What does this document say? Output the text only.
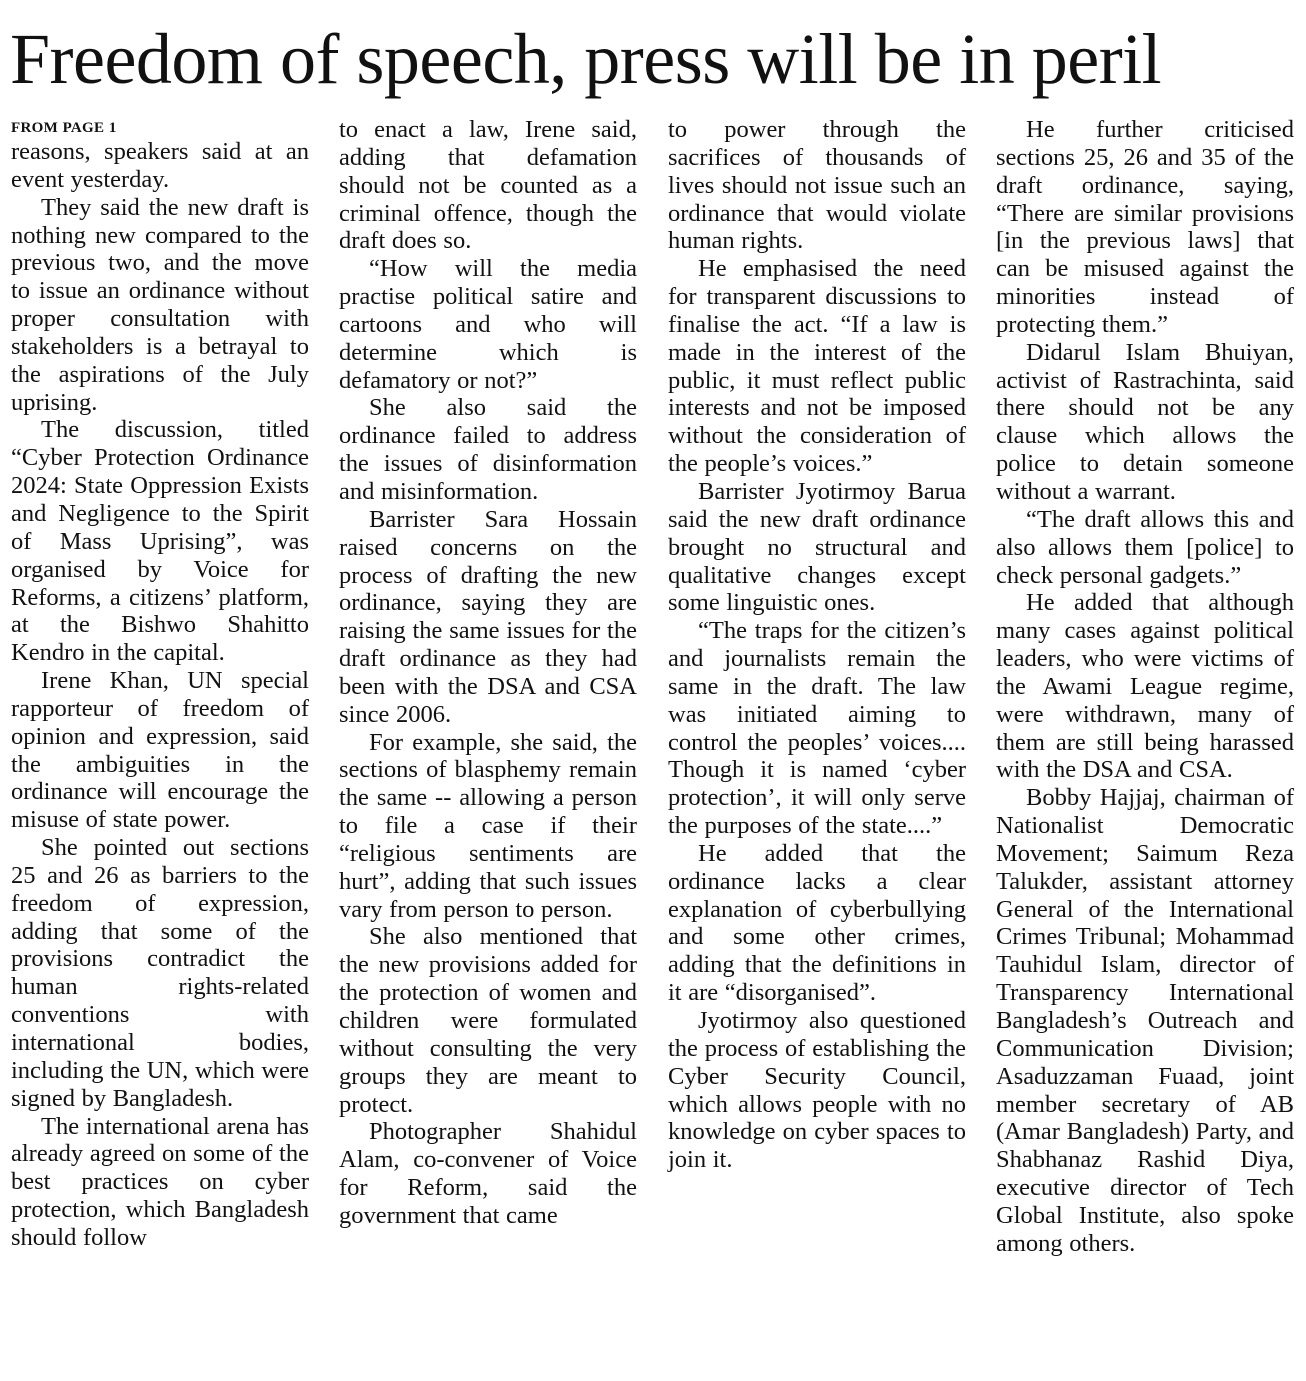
Freedom of speech, press will be in peril
FROM PAGE 1

reasons, speakers said at an event yesterday.

They said the new draft is nothing new compared to the previous two, and the move to issue an ordinance without proper consultation with stakeholders is a betrayal to the aspirations of the July uprising.

The discussion, titled “Cyber Protection Ordinance 2024: State Oppression Exists and Negligence to the Spirit of Mass Uprising”, was organised by Voice for Reforms, a citizens’ platform, at the Bishwo Shahitto Kendro in the capital.

Irene Khan, UN special rapporteur of freedom of opinion and expression, said the ambiguities in the ordinance will encourage the misuse of state power.

She pointed out sections 25 and 26 as barriers to the freedom of expression, adding that some of the provisions contradict the human rights-related conventions with international bodies, including the UN, which were signed by Bangladesh.

The international arena has already agreed on some of the best practices on cyber protection, which Bangladesh should follow

to enact a law, Irene said, adding that defamation should not be counted as a criminal offence, though the draft does so.

“How will the media practise political satire and cartoons and who will determine which is defamatory or not?”

She also said the ordinance failed to address the issues of disinformation and misinformation.

Barrister Sara Hossain raised concerns on the process of drafting the new ordinance, saying they are raising the same issues for the draft ordinance as they had been with the DSA and CSA since 2006.

For example, she said, the sections of blasphemy remain the same -- allowing a person to file a case if their “religious sentiments are hurt”, adding that such issues vary from person to person.

She also mentioned that the new provisions added for the protection of women and children were formulated without consulting the very groups they are meant to protect.

Photographer Shahidul Alam, co-convener of Voice for Reform, said the government that came

to power through the sacrifices of thousands of lives should not issue such an ordinance that would violate human rights.

He emphasised the need for transparent discussions to finalise the act. “If a law is made in the interest of the public, it must reflect public interests and not be imposed without the consideration of the people’s voices.”

Barrister Jyotirmoy Barua said the new draft ordinance brought no structural and qualitative changes except some linguistic ones.

“The traps for the citizen’s and journalists remain the same in the draft. The law was initiated aiming to control the peoples’ voices.... Though it is named ‘cyber protection’, it will only serve the purposes of the state....”

He added that the ordinance lacks a clear explanation of cyberbullying and some other crimes, adding that the definitions in it are “disorganised”.

Jyotirmoy also questioned the process of establishing the Cyber Security Council, which allows people with no knowledge on cyber spaces to join it.

He further criticised sections 25, 26 and 35 of the draft ordinance, saying, “There are similar provisions [in the previous laws] that can be misused against the minorities instead of protecting them.”

Didarul Islam Bhuiyan, activist of Rastrachinta, said there should not be any clause which allows the police to detain someone without a warrant.

“The draft allows this and also allows them [police] to check personal gadgets.”

He added that although many cases against political leaders, who were victims of the Awami League regime, were withdrawn, many of them are still being harassed with the DSA and CSA.

Bobby Hajjaj, chairman of Nationalist Democratic Movement; Saimum Reza Talukder, assistant attorney General of the International Crimes Tribunal; Mohammad Tauhidul Islam, director of Transparency International Bangladesh’s Outreach and Communication Division; Asaduzzaman Fuaad, joint member secretary of AB (Amar Bangladesh) Party, and Shabhanaz Rashid Diya, executive director of Tech Global Institute, also spoke among others.
